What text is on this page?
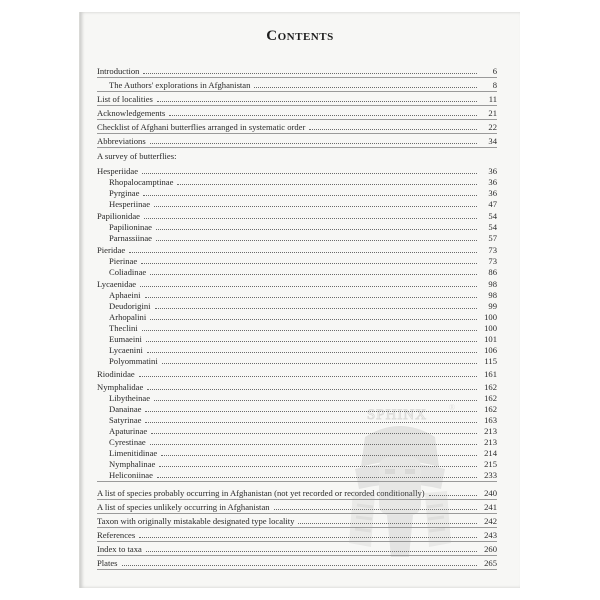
Contents
Introduction	6
The Authors' explorations in Afghanistan	8
List of localities	11
Acknowledgements	21
Checklist of Afghani butterflies arranged in systematic order	22
Abbreviations	34
A survey of butterflies:
Hesperiidae	36
Rhopalocamptinae	36
Pyrginae	36
Hesperiinae	47
Papilionidae	54
Papilioninae	54
Parnassiinae	57
Pieridae	73
Pierinae	73
Coliadinae	86
Lycaenidae	98
Aphaeini	98
Deudorigini	99
Arhopalini	100
Theclini	100
Eumaeini	101
Lycaenini	106
Polyommatini	115
Riodinidae	161
Nymphalidae	162
Libytheinae	162
Danainae	162
Satyrinae	163
Apaturinae	213
Cyrestinae	213
Limenitidinae	214
Nymphalinae	215
Heliconiinae	233
A list of species probably occurring in Afghanistan (not yet recorded or recorded conditionally)	240
A list of species unlikely occurring in Afghanistan	241
Taxon with originally mistakable designated type locality	242
References	243
Index to taxa	260
Plates	265
SPHINX	®
